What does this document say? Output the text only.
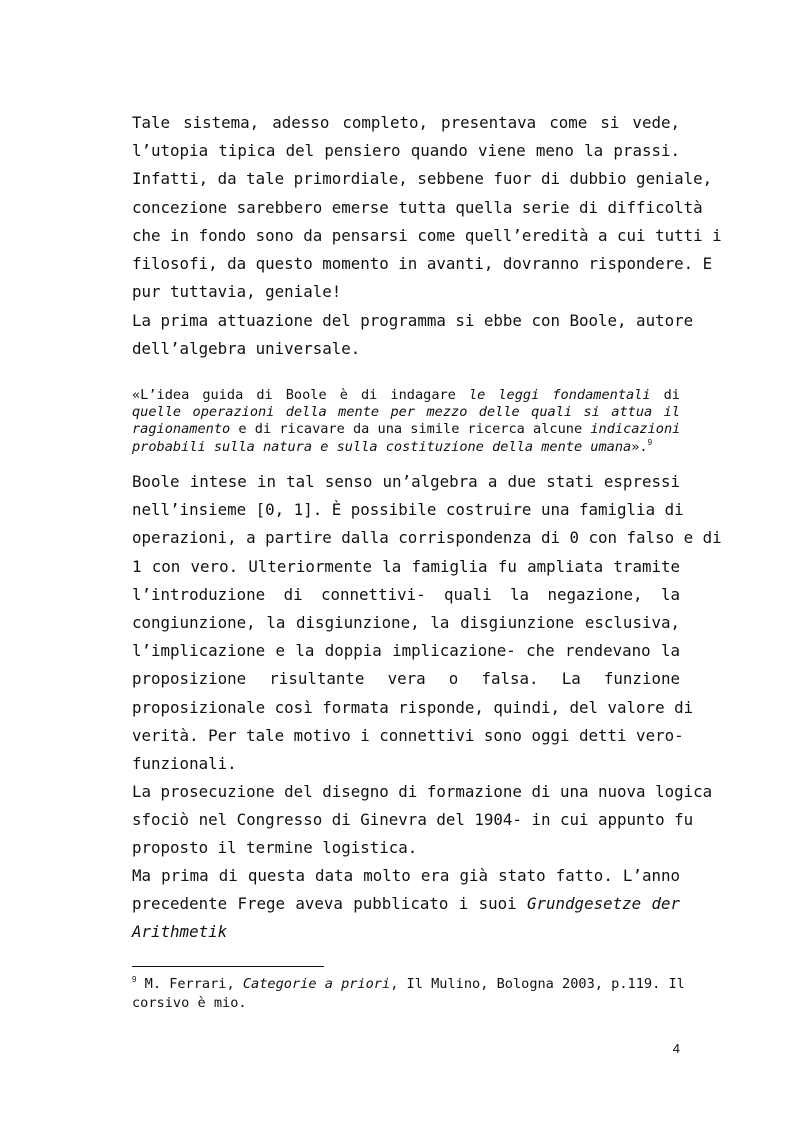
Tale sistema, adesso completo, presentava come si vede,
l’utopia tipica del pensiero quando viene meno la prassi.
Infatti, da tale primordiale, sebbene fuor di dubbio geniale,
concezione sarebbero emerse tutta quella serie di difficoltà
che in fondo sono da pensarsi come quell’eredità a cui tutti i
filosofi, da questo momento in avanti, dovranno rispondere. E
pur tuttavia, geniale!
La prima attuazione del programma si ebbe con Boole, autore
dell’algebra universale.
«L’idea guida di Boole è di indagare le leggi fondamentali di
quelle operazioni della mente per mezzo delle quali si attua il
ragionamento e di ricavare da una simile ricerca alcune indicazioni
probabili sulla natura e sulla costituzione della mente umana».$^9$
Boole intese in tal senso un’algebra a due stati espressi
nell’insieme [0, 1]. È possibile costruire una famiglia di
operazioni, a partire dalla corrispondenza di 0 con falso e di
1 con vero. Ulteriormente la famiglia fu ampliata tramite
l’introduzione di connettivi- quali la negazione, la
congiunzione, la disgiunzione, la disgiunzione esclusiva,
l’implicazione e la doppia implicazione- che rendevano la
proposizione risultante vera o falsa. La funzione
proposizionale così formata risponde, quindi, del valore di
verità. Per tale motivo i connettivi sono oggi detti vero-
funzionali.
La prosecuzione del disegno di formazione di una nuova logica
sfociò nel Congresso di Ginevra del 1904- in cui appunto fu
proposto il termine logistica.
Ma prima di questa data molto era già stato fatto. L’anno
precedente Frege aveva pubblicato i suoi Grundgesetze der
Arithmetik
$^9$ M. Ferrari, Categorie a priori, Il Mulino, Bologna 2003, p.119. Il
corsivo è mio.
4
